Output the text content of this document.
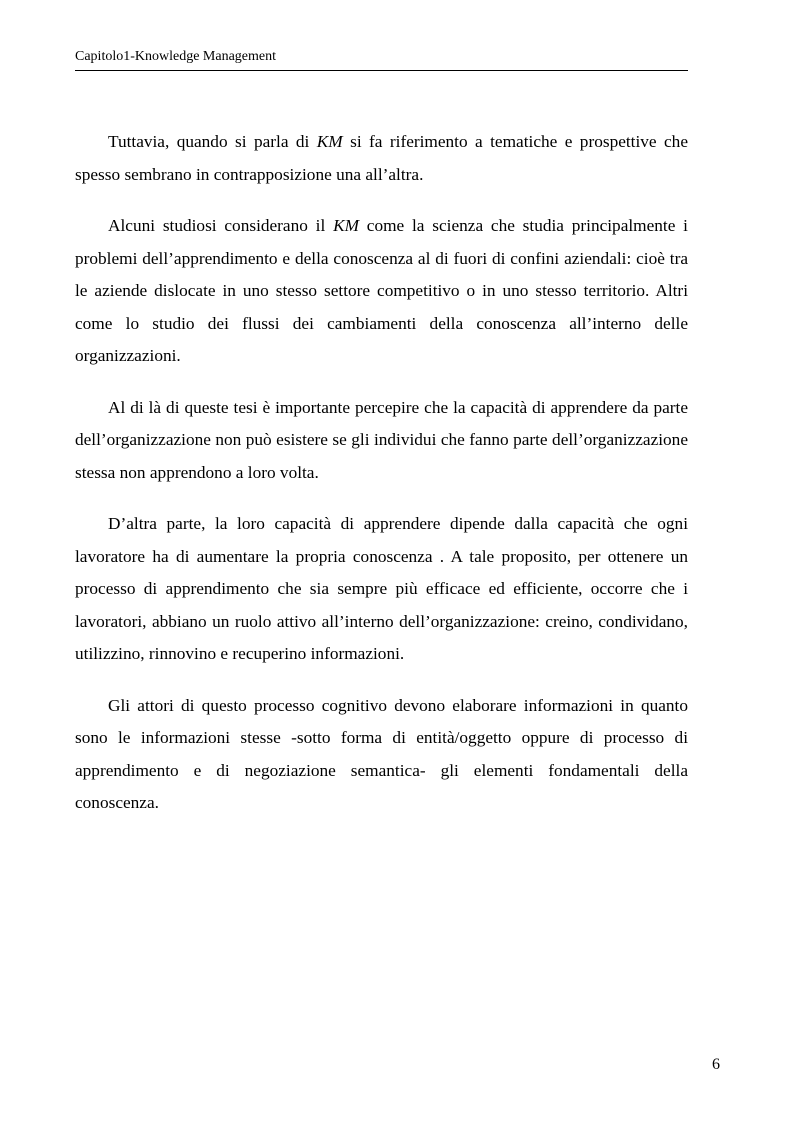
Capitolo1-Knowledge Management

Tuttavia, quando si parla di KM si fa riferimento a tematiche e prospettive che spesso sembrano in contrapposizione una all’altra.

Alcuni studiosi considerano il KM come la scienza che studia principalmente i problemi dell’apprendimento e della conoscenza al di fuori di confini aziendali: cioè tra le aziende dislocate in uno stesso settore competitivo o in uno stesso territorio. Altri come lo studio dei flussi dei cambiamenti della conoscenza all’interno delle organizzazioni.

Al di là di queste tesi è importante percepire che la capacità di apprendere da parte dell’organizzazione non può esistere se gli individui che fanno parte dell’organizzazione stessa non apprendono a loro volta.

D’altra parte, la loro capacità di apprendere dipende dalla capacità che ogni lavoratore ha di aumentare la propria conoscenza . A tale proposito, per ottenere un processo di apprendimento che sia sempre più efficace ed efficiente, occorre che i lavoratori, abbiano un ruolo attivo all’interno dell’organizzazione: creino, condividano, utilizzino, rinnovino e recuperino informazioni.

Gli attori di questo processo cognitivo devono elaborare informazioni in quanto sono le informazioni stesse -sotto forma di entità/oggetto oppure di processo di apprendimento e di negoziazione semantica- gli elementi fondamentali della conoscenza.

6
